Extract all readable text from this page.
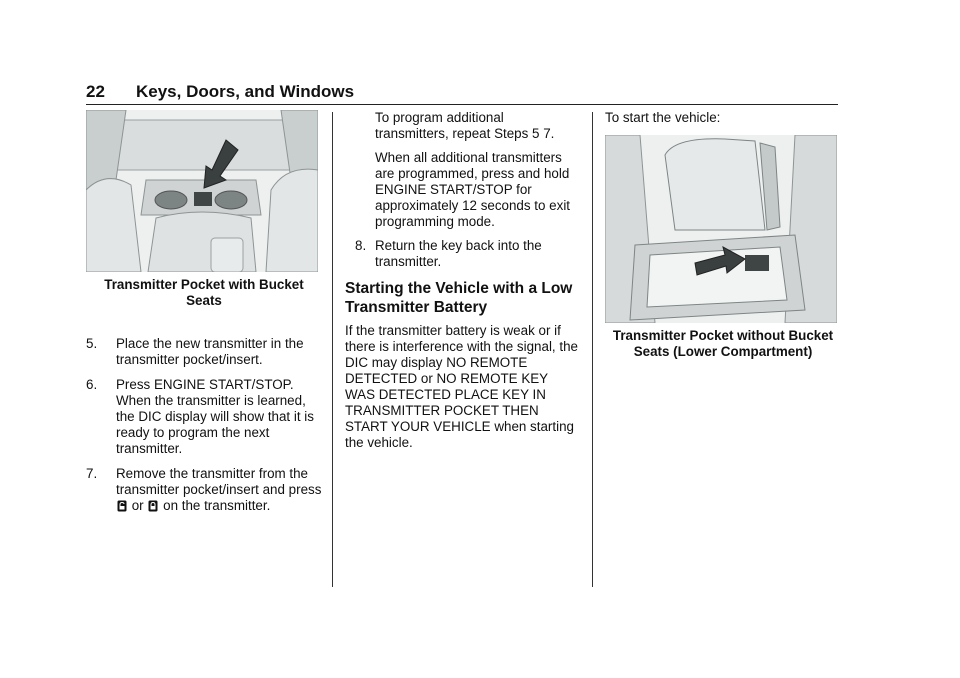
22 Keys, Doors, and Windows
Transmitter Pocket with Bucket Seats
5. Place the new transmitter in the transmitter pocket/insert.
6. Press ENGINE START/STOP. When the transmitter is learned, the DIC display will show that it is ready to program the next transmitter.
7. Remove the transmitter from the transmitter pocket/insert and press  or on the transmitter.
To program additional transmitters, repeat Steps 5 7.
When all additional transmitters are programmed, press and hold ENGINE START/STOP for approximately 12 seconds to exit programming mode.
8. Return the key back into the transmitter.
Starting the Vehicle with a Low Transmitter Battery
If the transmitter battery is weak or if there is interference with the signal, the DIC may display NO REMOTE DETECTED or NO REMOTE KEY WAS DETECTED PLACE KEY IN TRANSMITTER POCKET THEN START YOUR VEHICLE when starting the vehicle.
To start the vehicle:
Transmitter Pocket without Bucket Seats (Lower Compartment)
